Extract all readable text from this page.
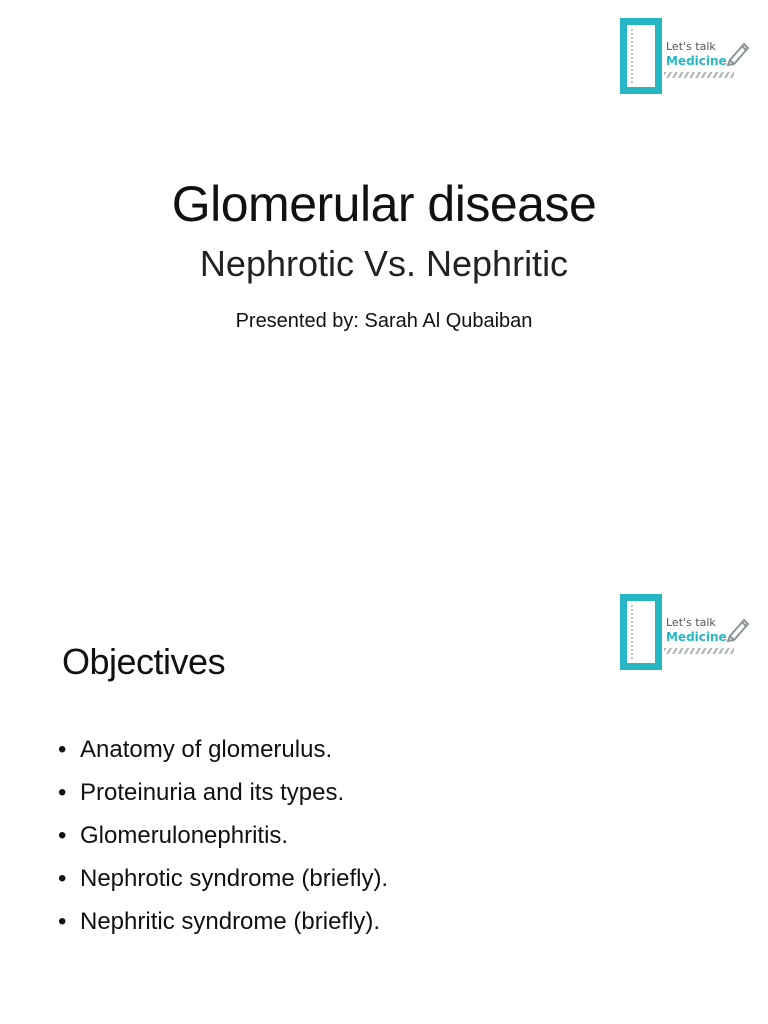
Let's talk
Medicine
Glomerular disease
Nephrotic Vs. Nephritic
Presented by: Sarah Al Qubaiban
Let's talk
Medicine
Objectives
• Anatomy of glomerulus.
• Proteinuria and its types.
• Glomerulonephritis.
• Nephrotic syndrome (briefly).
• Nephritic syndrome (briefly).
